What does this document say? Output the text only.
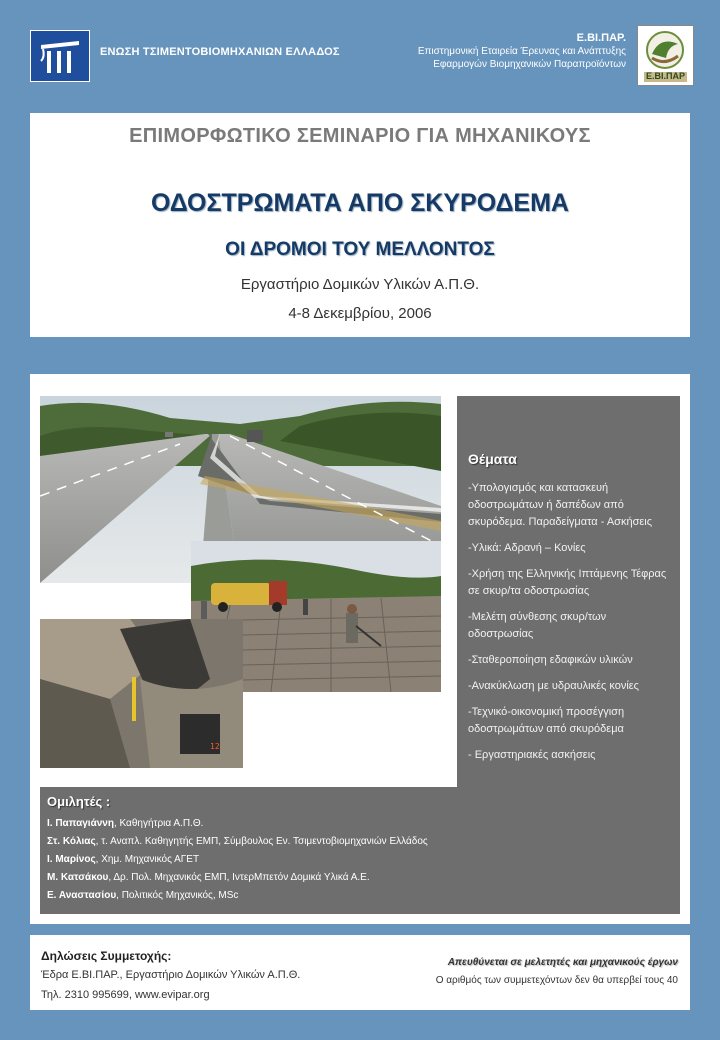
ΕΝΩΣΗ ΤΣΙΜΕΝΤΟΒΙΟΜΗΧΑΝΙΩΝ ΕΛΛΑΔΟΣ
Ε.ΒΙ.ΠΑΡ.
Επιστημονική Εταιρεία Έρευνας και Ανάπτυξης
Εφαρμογών Βιομηχανικών Παραπροϊόντων
Ε.ΒΙ.ΠΑΡ
ΕΠΙΜΟΡΦΩΤΙΚΟ ΣΕΜΙΝΑΡΙΟ ΓΙΑ ΜΗΧΑΝΙΚΟΥΣ
ΟΔΟΣΤΡΩΜΑΤΑ ΑΠΟ ΣΚΥΡΟΔΕΜΑ
ΟΙ ΔΡΟΜΟΙ ΤΟΥ ΜΕΛΛΟΝΤΟΣ
Εργαστήριο Δομικών Υλικών Α.Π.Θ.
4-8 Δεκεμβρίου, 2006
12
Θέματα
-Υπολογισμός και κατασκευή οδοστρωμάτων ή δαπέδων από σκυρόδεμα. Παραδείγματα - Ασκήσεις
-Υλικά: Αδρανή – Κονίες
-Χρήση της Ελληνικής Ιπτάμενης Τέφρας σε σκυρ/τα οδοστρωσίας
-Μελέτη σύνθεσης σκυρ/των οδοστρωσίας
-Σταθεροποίηση εδαφικών υλικών
-Ανακύκλωση με υδραυλικές κονίες
-Τεχνικό-οικονομική προσέγγιση οδοστρωμάτων από σκυρόδεμα
- Εργαστηριακές ασκήσεις
Ομιλητές :
Ι. Παπαγιάννη, Καθηγήτρια Α.Π.Θ.
Στ. Κόλιας, τ. Αναπλ. Καθηγητής ΕΜΠ, Σύμβουλος Εν. Τσιμεντοβιομηχανιών Ελλάδος
Ι. Μαρίνος, Χημ. Μηχανικός ΑΓΕΤ
Μ. Κατσάκου, Δρ. Πολ. Μηχανικός ΕΜΠ, ΙντερΜπετόν Δομικά Υλικά Α.Ε.
Ε. Αναστασίου, Πολιτικός Μηχανικός, MSc
Δηλώσεις Συμμετοχής:
Έδρα Ε.ΒΙ.ΠΑΡ., Εργαστήριο Δομικών Υλικών Α.Π.Θ.
Τηλ. 2310 995699, www.evipar.org
Απευθύνεται σε μελετητές και μηχανικούς έργων
Ο αριθμός των συμμετεχόντων δεν θα υπερβεί τους 40
